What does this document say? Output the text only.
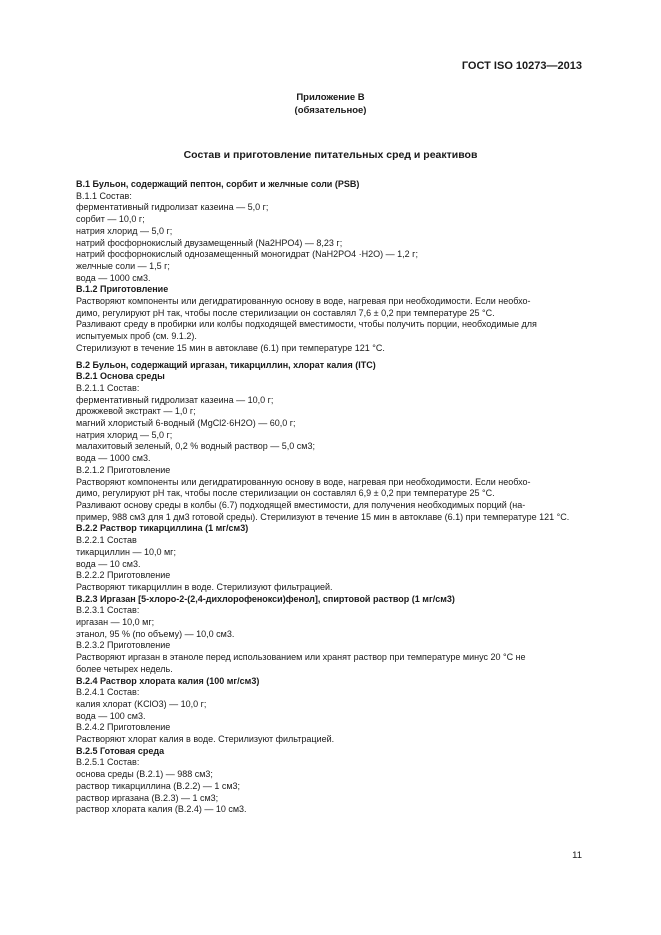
ГОСТ ISO 10273—2013
Приложение В
(обязательное)
Состав и приготовление питательных сред и реактивов
В.1 Бульон, содержащий пептон, сорбит и желчные соли (PSB)
В.1.1 Состав:
ферментативный гидролизат казеина — 5,0 г;
сорбит — 10,0 г;
натрия хлорид — 5,0 г;
натрий фосфорнокислый двузамещенный (Na2HPO4) — 8,23 г;
натрий фосфорнокислый однозамещенный моногидрат (NaH2PO4 ·H2O) — 1,2 г;
желчные соли — 1,5 г;
вода — 1000 см3.
В.1.2 Приготовление
Растворяют компоненты или дегидратированную основу в воде, нагревая при необходимости. Если необхо-
димо, регулируют pH так, чтобы после стерилизации он составлял 7,6 ± 0,2 при температуре 25 °С.
Разливают среду в пробирки или колбы подходящей вместимости, чтобы получить порции, необходимые для
испытуемых проб (см. 9.1.2).
Стерилизуют в течение 15 мин в автоклаве (6.1) при температуре 121 °С.
В.2 Бульон, содержащий иргазан, тикарциллин, хлорат калия (ITC)
В.2.1 Основа среды
В.2.1.1 Состав:
ферментативный гидролизат казеина — 10,0 г;
дрожжевой экстракт — 1,0 г;
магний хлористый 6-водный (MgCl2·6H2O) — 60,0 г;
натрия хлорид — 5,0 г;
малахитовый зеленый, 0,2 % водный раствор — 5,0 см3;
вода — 1000 см3.
В.2.1.2 Приготовление
Растворяют компоненты или дегидратированную основу в воде, нагревая при необходимости. Если необхо-
димо, регулируют pH так, чтобы после стерилизации он составлял 6,9 ± 0,2 при температуре 25 °С.
Разливают основу среды в колбы (6.7) подходящей вместимости, для получения необходимых порций (на-
пример, 988 см3 для 1 дм3 готовой среды). Стерилизуют в течение 15 мин в автоклаве (6.1) при температуре 121 °С.
В.2.2 Раствор тикарциллина (1 мг/см3)
В.2.2.1 Состав
тикарциллин — 10,0 мг;
вода — 10 см3.
В.2.2.2 Приготовление
Растворяют тикарциллин в воде. Стерилизуют фильтрацией.
В.2.3 Иргазан [5-хлоро-2-(2,4-дихлорофенокси)фенол], спиртовой раствор (1 мг/см3)
В.2.3.1 Состав:
иргазан — 10,0 мг;
этанол, 95 % (по объему) — 10,0 см3.
В.2.3.2 Приготовление
Растворяют иргазан в этаноле перед использованием или хранят раствор при температуре минус 20 °С не
более четырех недель.
В.2.4 Раствор хлората калия (100 мг/см3)
В.2.4.1 Состав:
калия хлорат (KClO3) — 10,0 г;
вода — 100 см3.
В.2.4.2 Приготовление
Растворяют хлорат калия в воде. Стерилизуют фильтрацией.
В.2.5 Готовая среда
В.2.5.1 Состав:
основа среды (В.2.1) — 988 см3;
раствор тикарциллина (В.2.2) — 1 см3;
раствор иргазана (В.2.3) — 1 см3;
раствор хлората калия (В.2.4) — 10 см3.
11
